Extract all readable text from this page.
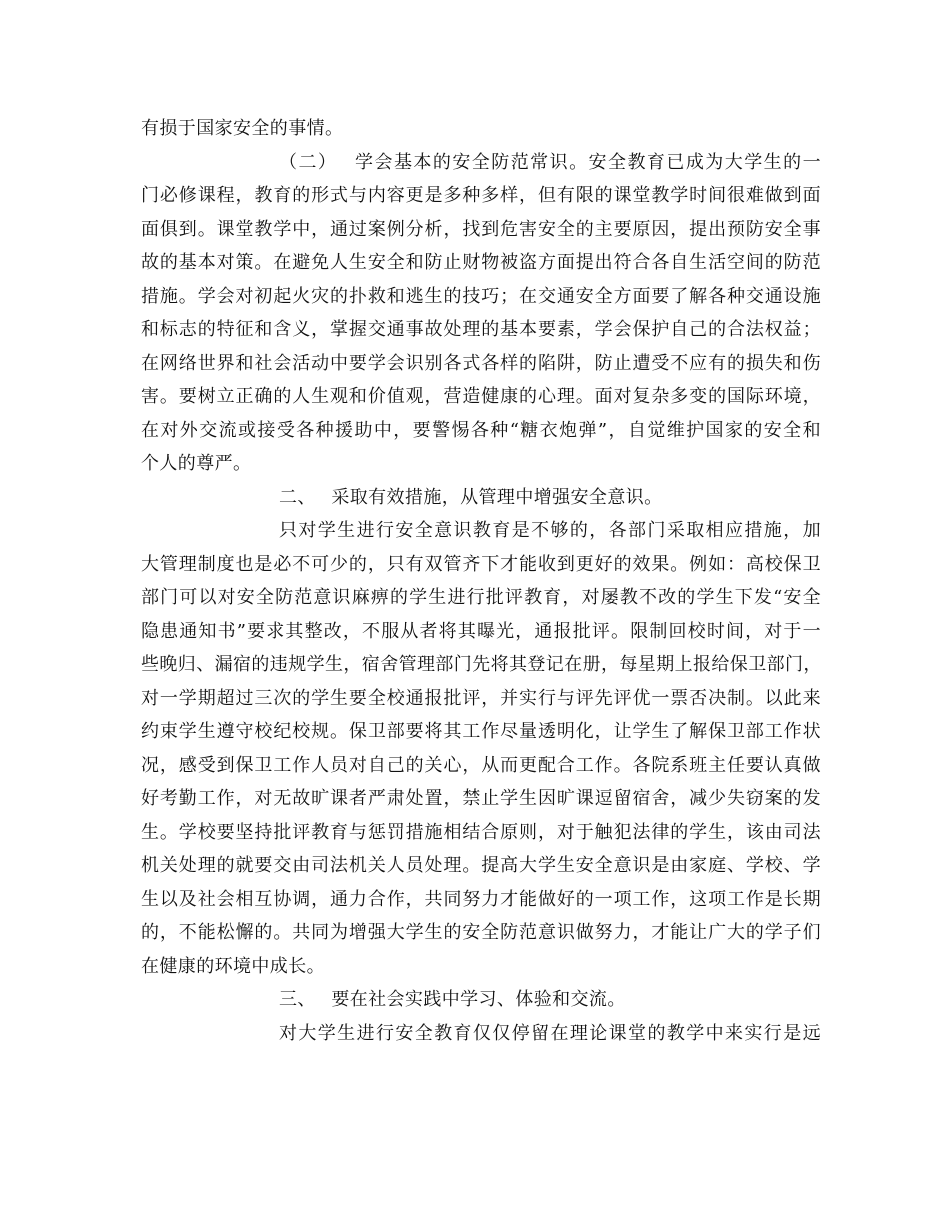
有损于国家安全的事情。
（二）　 学会基本的安全防范常识。安全教育已成为大学生的一
门必修课程，教育的形式与内容更是多种多样，但有限的课堂教学时间很难做到面
面俱到。课堂教学中，通过案例分析，找到危害安全的主要原因，提出预防安全事
故的基本对策。在避免人生安全和防止财物被盗方面提出符合各自生活空间的防范
措施。学会对初起火灾的扑救和逃生的技巧；在交通安全方面要了解各种交通设施
和标志的特征和含义，掌握交通事故处理的基本要素，学会保护自己的合法权益；
在网络世界和社会活动中要学会识别各式各样的陷阱，防止遭受不应有的损失和伤
害。要树立正确的人生观和价值观，营造健康的心理。面对复杂多变的国际环境，
在对外交流或接受各种援助中，要警惕各种“糖衣炮弹”，自觉维护国家的安全和
个人的尊严。
二、　 采取有效措施，从管理中增强安全意识。
只对学生进行安全意识教育是不够的，各部门采取相应措施，加
大管理制度也是必不可少的，只有双管齐下才能收到更好的效果。例如：高校保卫
部门可以对安全防范意识麻痹的学生进行批评教育，对屡教不改的学生下发“安全
隐患通知书”要求其整改，不服从者将其曝光，通报批评。限制回校时间，对于一
些晚归、漏宿的违规学生，宿舍管理部门先将其登记在册，每星期上报给保卫部门，
对一学期超过三次的学生要全校通报批评，并实行与评先评优一票否决制。以此来
约束学生遵守校纪校规。保卫部要将其工作尽量透明化，让学生了解保卫部工作状
况，感受到保卫工作人员对自己的关心，从而更配合工作。各院系班主任要认真做
好考勤工作，对无故旷课者严肃处置，禁止学生因旷课逗留宿舍，减少失窃案的发
生。学校要坚持批评教育与惩罚措施相结合原则，对于触犯法律的学生，该由司法
机关处理的就要交由司法机关人员处理。提高大学生安全意识是由家庭、学校、学
生以及社会相互协调，通力合作，共同努力才能做好的一项工作，这项工作是长期
的，不能松懈的。共同为增强大学生的安全防范意识做努力，才能让广大的学子们
在健康的环境中成长。
三、　 要在社会实践中学习、体验和交流。
对大学生进行安全教育仅仅停留在理论课堂的教学中来实行是远
